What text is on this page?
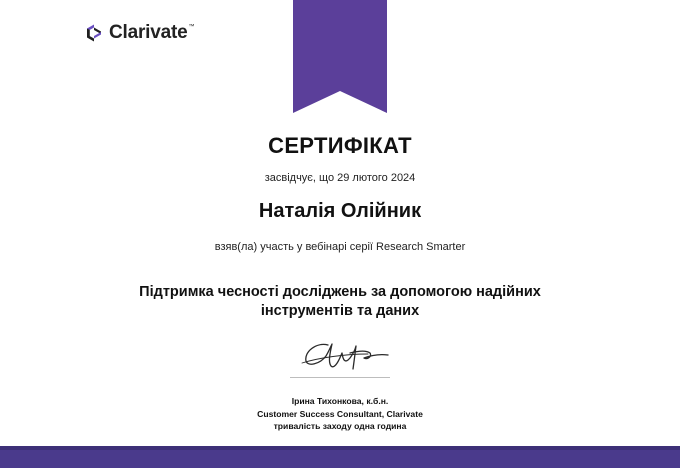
Clarivate ™
СЕРТИФІКАТ
засвідчує, що 29 лютого 2024
Наталія Олійник
взяв(ла) участь у вебінарі серії Research Smarter
Підтримка чесності досліджень за допомогою надійних
інструментів та даних
Ірина Тихонкова, к.б.н.
Customer Success Consultant, Clarivate
тривалість заходу одна година
